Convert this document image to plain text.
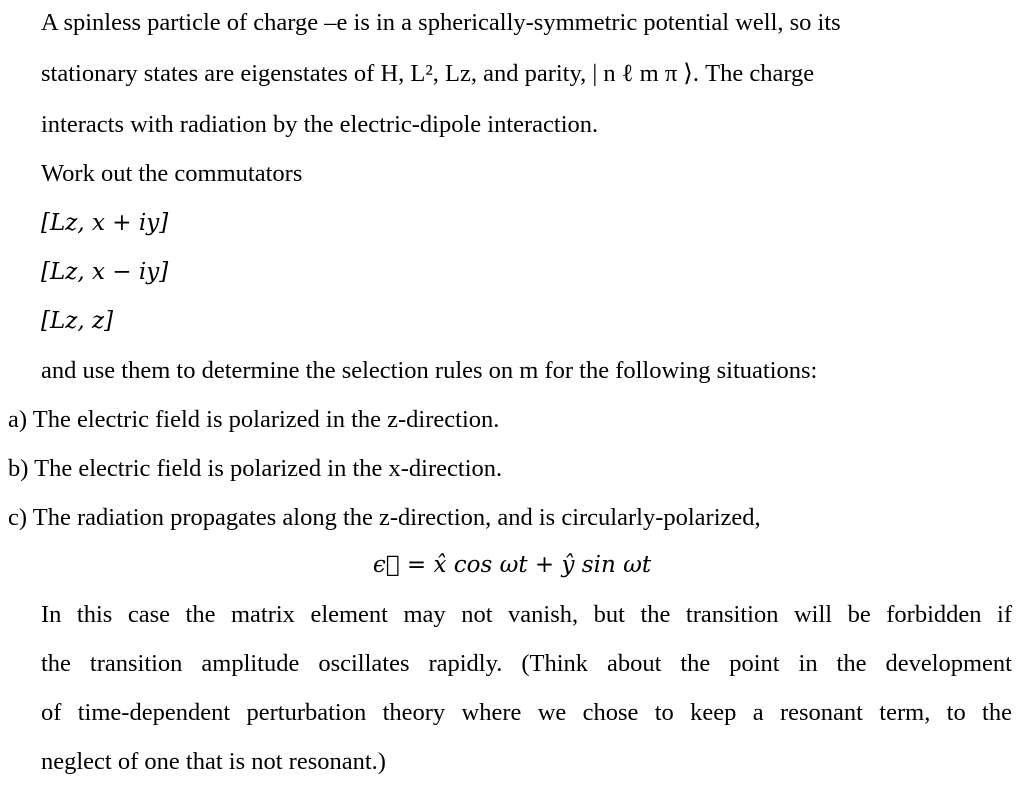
A spinless particle of charge –e is in a spherically-symmetric potential well, so its
stationary states are eigenstates of H, L², Lz, and parity, | n ℓ m π ⟩. The charge
interacts with radiation by the electric-dipole interaction.
Work out the commutators
[Lz, x + iy]
[Lz, x − iy]
[Lz, z]
and use them to determine the selection rules on m for the following situations:
a) The electric field is polarized in the z-direction.
b) The electric field is polarized in the x-direction.
c) The radiation propagates along the z-direction, and is circularly-polarized,
ϵ⃗ = x̂ cos ωt + ŷ sin ωt
In this case the matrix element may not vanish, but the transition will be forbidden if
the transition amplitude oscillates rapidly. (Think about the point in the development
of time-dependent perturbation theory where we chose to keep a resonant term, to the
neglect of one that is not resonant.)
